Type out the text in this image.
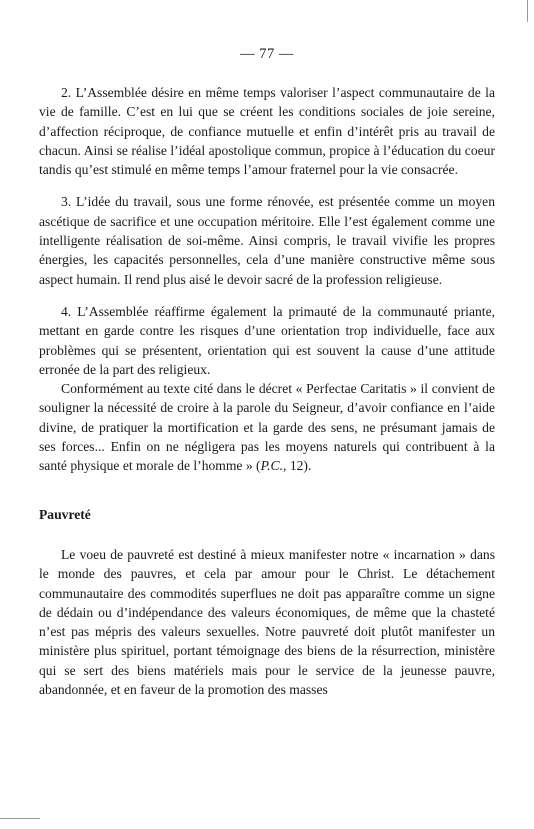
— 77 —

2. L’Assemblée désire en même temps valoriser l’aspect communautaire de la vie de famille. C’est en lui que se créent les conditions sociales de joie sereine, d’affection réciproque, de confiance mutuelle et enfin d’intérêt pris au travail de chacun. Ainsi se réalise l’idéal apostolique commun, propice à l’éducation du coeur tandis qu’est stimulé en même temps l’amour fraternel pour la vie consacrée.

3. L’idée du travail, sous une forme rénovée, est présentée comme un moyen ascétique de sacrifice et une occupation méritoire. Elle l’est également comme une intelligente réalisation de soi-même. Ainsi compris, le travail vivifie les propres énergies, les capacités personnelles, cela d’une manière constructive même sous aspect humain. Il rend plus aisé le devoir sacré de la profession religieuse.

4. L’Assemblée réaffirme également la primauté de la communauté priante, mettant en garde contre les risques d’une orientation trop individuelle, face aux problèmes qui se présentent, orientation qui est souvent la cause d’une attitude erronée de la part des religieux.

Conformément au texte cité dans le décret « Perfectae Caritatis » il convient de souligner la nécessité de croire à la parole du Seigneur, d’avoir confiance en l’aide divine, de pratiquer la mortification et la garde des sens, ne présumant jamais de ses forces... Enfin on ne négligera pas les moyens naturels qui contribuent à la santé physique et morale de l’homme » (P.C., 12).

Pauvreté

Le voeu de pauvreté est destiné à mieux manifester notre « incarnation » dans le monde des pauvres, et cela par amour pour le Christ. Le détachement communautaire des commodités superflues ne doit pas apparaître comme un signe de dédain ou d’indépendance des valeurs économiques, de même que la chasteté n’est pas mépris des valeurs sexuelles. Notre pauvreté doit plutôt manifester un ministère plus spirituel, portant témoignage des biens de la résurrection, ministère qui se sert des biens matériels mais pour le service de la jeunesse pauvre, abandonnée, et en faveur de la promotion des masses
